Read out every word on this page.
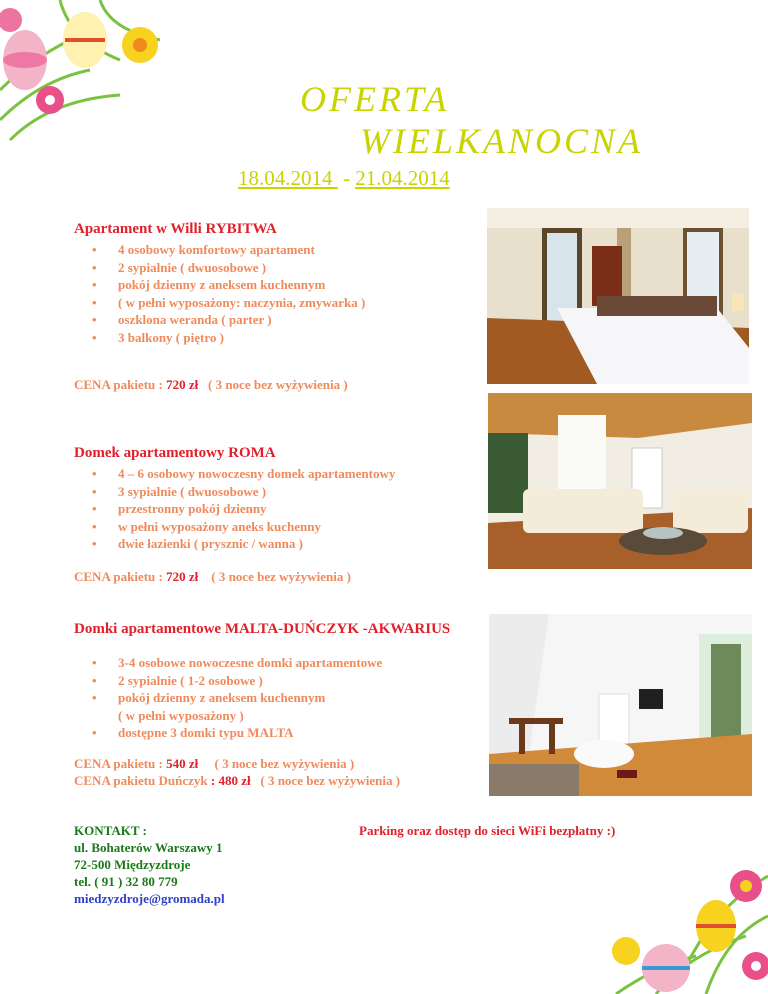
OFERTA
WIELKANOCNA
18.04.2014  - 21.04.2014
Apartament w Willi RYBITWA
• 4 osobowy komfortowy apartament
• 2 sypialnie ( dwuosobowe )
• pokój dzienny z aneksem kuchennym
( w pełni wyposażony: naczynia, zmywarka )
• oszklona weranda ( parter )
• 3 balkony ( piętro )
CENA pakietu : 720 zł ( 3 noce bez wyżywienia )
Domek apartamentowy ROMA
• 4 – 6 osobowy nowoczesny domek apartamentowy
• 3 sypialnie ( dwuosobowe )
• przestronny pokój dzienny
• w pełni wyposażony aneks kuchenny
• dwie łazienki ( prysznic / wanna )
CENA pakietu : 720 zł ( 3 noce bez wyżywienia )
Domki apartamentowe MALTA-DUŃCZYK -AKWARIUS
• 3-4 osobowe nowoczesne domki apartamentowe
• 2 sypialnie ( 1-2 osobowe )
• pokój dzienny z aneksem kuchennym
( w pełni wyposażony )
• dostępne 3 domki typu MALTA
CENA pakietu : 540 zł ( 3 noce bez wyżywienia )
CENA pakietu Duńczyk : 480 zł ( 3 noce bez wyżywienia )
KONTAKT :
ul. Bohaterów Warszawy 1
72-500 Międzyzdroje
tel. ( 91 ) 32 80 779
miedzyzdroje@gromada.pl
Parking oraz dostęp do sieci WiFi bezpłatny :)
